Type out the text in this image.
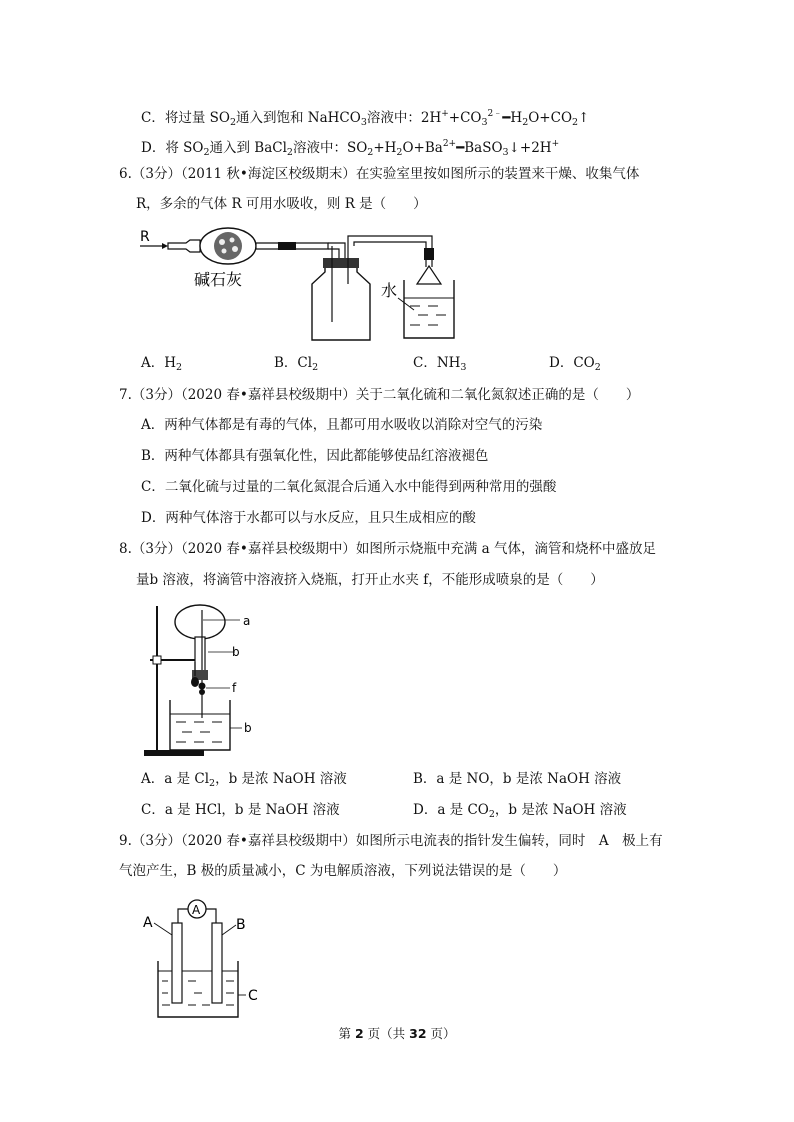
C．将过量 $SO_2$通入到饱和 NaHCO$_3$溶液中：$2H^++CO_3^{2﹣}━H_2O+CO_2↑$
D．将 $SO_2$通入到 BaCl$_2$溶液中：$SO_2+H_2O+Ba^{2+}━BaSO_3↓+2H^+$
6.（3分）（2011 秋•海淀区校级期末）在实验室里按如图所示的装置来干燥、收集气体
R，多余的气体 R 可用水吸收，则 R 是（　　）
R
碱石灰
水
A．$H_2$	B．$Cl_2$	C．$NH_3$	D．$CO_2$
7.（3分）（2020 春•嘉祥县校级期中）关于二氧化硫和二氧化氮叙述正确的是（　　）
A．两种气体都是有毒的气体，且都可用水吸收以消除对空气的污染
B．两种气体都具有强氧化性，因此都能够使品红溶液褪色
C．二氧化硫与过量的二氧化氮混合后通入水中能得到两种常用的强酸
D．两种气体溶于水都可以与水反应，且只生成相应的酸
8.（3分）（2020 春•嘉祥县校级期中）如图所示烧瓶中充满 a 气体，滴管和烧杯中盛放足
量b 溶液，将滴管中溶液挤入烧瓶，打开止水夹 f，不能形成喷泉的是（　　）
a
b
f
b
A．a 是 $Cl_2$，b 是浓 NaOH 溶液	B．a 是 NO，b 是浓 NaOH 溶液
C．a 是 HCl，b 是 NaOH 溶液	D．a 是 $CO_2$，b 是浓 NaOH 溶液
9.（3分）（2020 春•嘉祥县校级期中）如图所示电流表的指针发生偏转，同时　A　极上有
气泡产生，B 极的质量减小，C 为电解质溶液，下列说法错误的是（　　）
A
A	B
C
第 2 页（共 32 页）
